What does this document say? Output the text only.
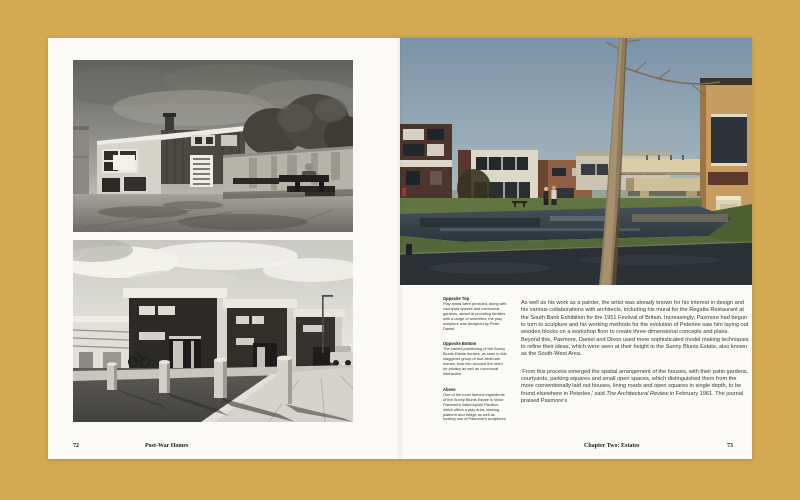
72	Post-War Homes

Opposite Top

Play areas were provided, along with courtyard spaces and communal gardens, aimed at providing families with a range of amenities; the play sculpture was designed by Peter Daniel.

Opposite Bottom

The careful positioning of the Sunny Blunts Estate houses, as seen in this staggered group of four-bedroom homes, took into account the need for privacy as well as communal interaction.

Above

One of the most famous ingredients of the Sunny Blunts Estate is Victor Pasmore's listed Apollo Pavilion, which offers a play area, viewing platform and bridge as well as hosting one of Pasmore's sculptures.

As well as his work as a painter, the artist was already known for his interest in design and his various collaborations with architects, including his mural for the Regatta Restaurant at the South Bank Exhibition for the 1951 Festival of Britain. Increasingly, Pasmore had begun to turn to sculpture and his working methods for the evolution of Peterlee saw him laying out wooden blocks on a workshop floor to create three-dimensional concepts and plans. Beyond this, Pasmore, Daniel and Dixon used more sophisticated model making techniques to refine their ideas, which were seen at their height in the Sunny Blunts Estate, also known as the South-West Area.

‘From this process emerged the spatial arrangement of the houses, with their patio gardens, courtyards, parking squares and small open spaces, which distinguished them from the more conventionally laid out houses, lining roads and open squares in single depth, to be found elsewhere in Peterlee,’ said The Architectural Review in February 1961. The journal praised Pasmore’s

Chapter Two: Estates	73
